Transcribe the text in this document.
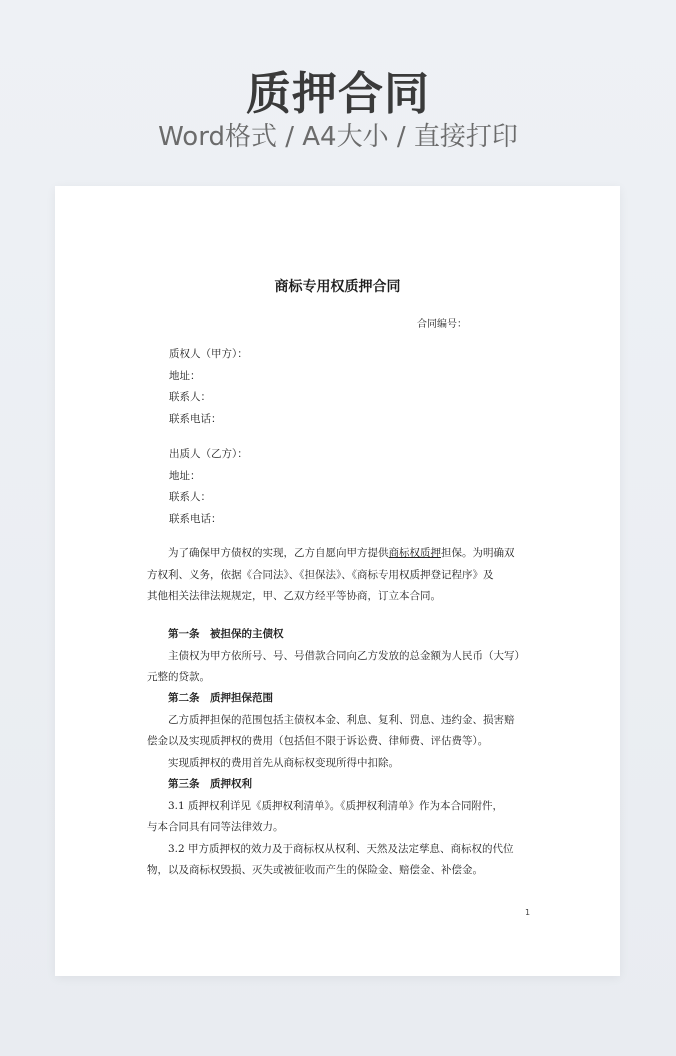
质押合同
Word格式 / A4大小 / 直接打印
商标专用权质押合同
合同编号：
质权人（甲方）：
地址：
联系人：
联系电话：
出质人（乙方）：
地址：
联系人：
联系电话：
为了确保甲方债权的实现，乙方自愿向甲方提供商标权质押担保。为明确双
方权利、义务，依据《合同法》、《担保法》、《商标专用权质押登记程序》及
其他相关法律法规规定，甲、乙双方经平等协商，订立本合同。
第一条　被担保的主债权
主债权为甲方依所号、号、号借款合同向乙方发放的总金额为人民币（大写）
元整的贷款。
第二条　质押担保范围
乙方质押担保的范围包括主债权本金、利息、复利、罚息、违约金、损害赔
偿金以及实现质押权的费用（包括但不限于诉讼费、律师费、评估费等）。
实现质押权的费用首先从商标权变现所得中扣除。
第三条　质押权利
3.1 质押权利详见《质押权利清单》。《质押权利清单》作为本合同附件，
与本合同具有同等法律效力。
3.2 甲方质押权的效力及于商标权从权利、天然及法定孳息、商标权的代位
物，以及商标权毁损、灭失或被征收而产生的保险金、赔偿金、补偿金。
1
